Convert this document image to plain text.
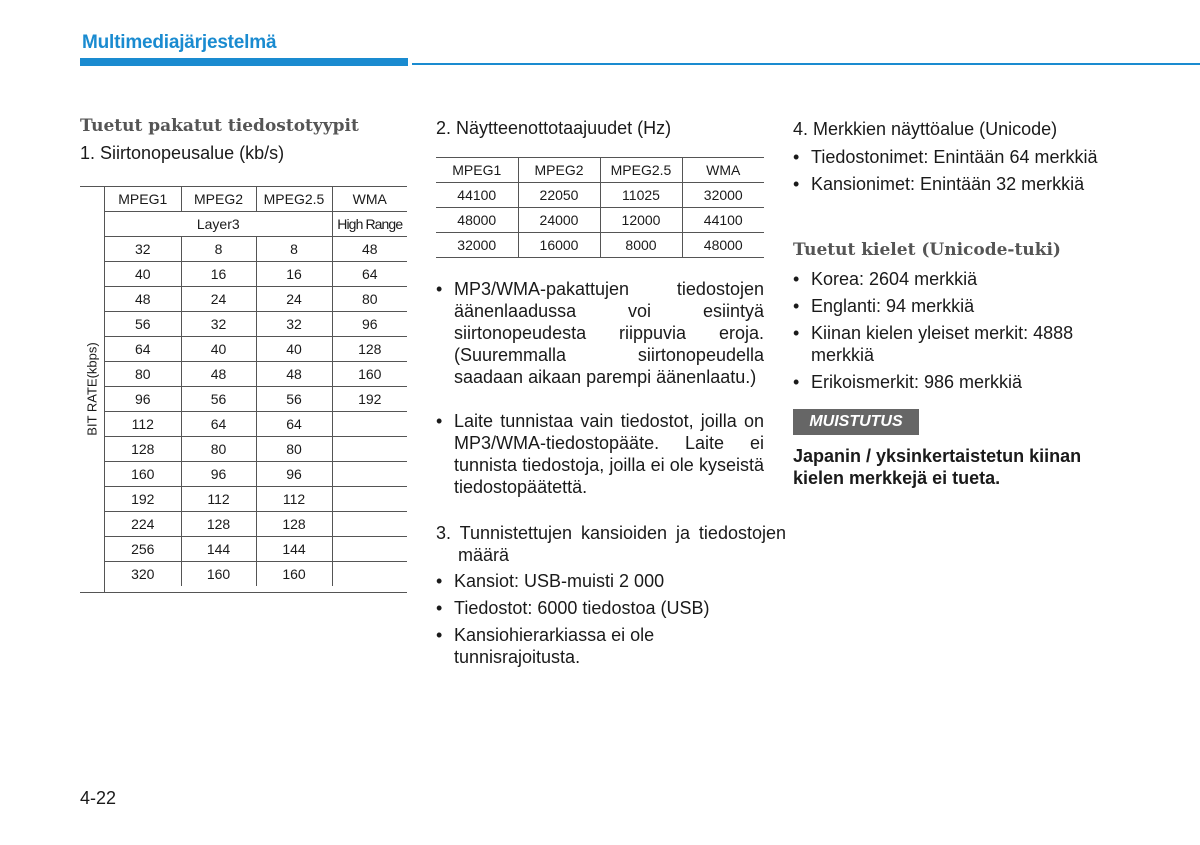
Multimediajärjestelmä
Tuetut pakatut tiedostotyypit
1. Siirtonopeusalue (kb/s)
BIT RATE(kbps)
MPEG1	MPEG2	MPEG2.5	WMA
Layer3			High Range
32	8	8	48
40	16	16	64
48	24	24	80
56	32	32	96
64	40	40	128
80	48	48	160
96	56	56	192
112	64	64	
128	80	80	
160	96	96	
192	112	112	
224	128	128	
256	144	144	
320	160	160	
2. Näytteenottotaajuudet (Hz)
MPEG1	MPEG2	MPEG2.5	WMA
44100	22050	11025	32000
48000	24000	12000	44100
32000	16000	8000	48000
• MP3/WMA-pakattujen tiedostojen äänenlaadussa voi esiintyä siirtonopeudesta riippuvia eroja. (Suuremmalla siirtonopeudella saadaan aikaan parempi äänenlaatu.)
• Laite tunnistaa vain tiedostot, joilla on MP3/WMA-tiedostopääte. Laite ei tunnista tiedostoja, joilla ei ole kyseistä tiedostopäätettä.
3. Tunnistettujen kansioiden ja tiedostojen määrä
• Kansiot: USB-muisti 2 000
• Tiedostot: 6000 tiedostoa (USB)
• Kansiohierarkiassa ei ole tunnisrajoitusta.
4. Merkkien näyttöalue (Unicode)
• Tiedostonimet: Enintään 64 merkkiä
• Kansionimet: Enintään 32 merkkiä
Tuetut kielet (Unicode-tuki)
• Korea: 2604 merkkiä
• Englanti: 94 merkkiä
• Kiinan kielen yleiset merkit: 4888 merkkiä
• Erikoismerkit: 986 merkkiä
MUISTUTUS
Japanin / yksinkertaistetun kiinan kielen merkkejä ei tueta.
4-22
